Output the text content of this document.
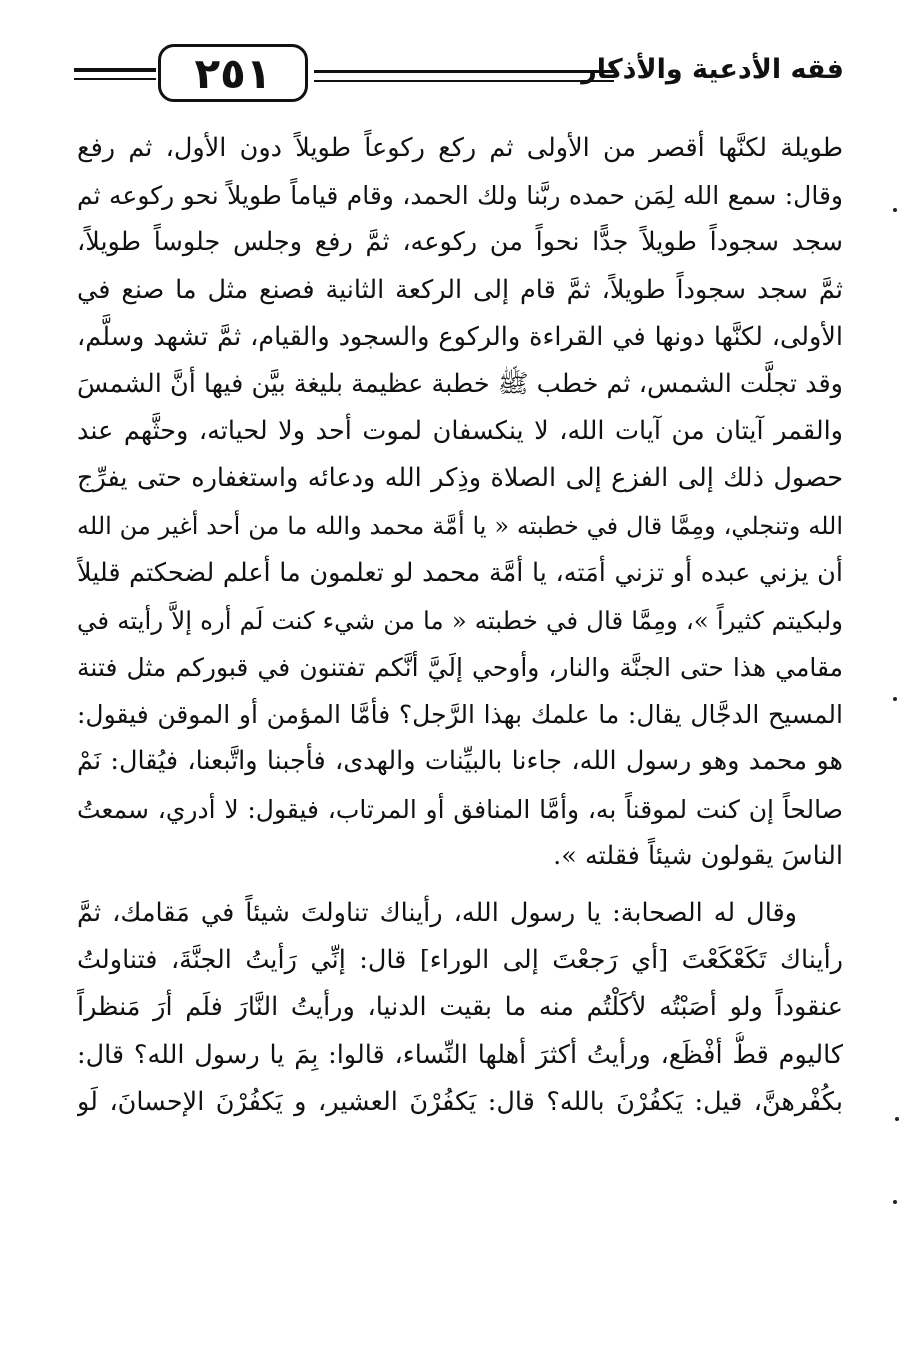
٢٥١	فقه الأدعية والأذكار
طويلة لكنَّها أقصر من الأولى ثم ركع ركوعاً طويلاً دون الأول، ثم رفع
وقال: سمع الله لِمَن حمده ربَّنا ولك الحمد، وقام قياماً طويلاً نحو ركوعه ثم
سجد سجوداً طويلاً جدًّا نحواً من ركوعه، ثمَّ رفع وجلس جلوساً طويلاً،
ثمَّ سجد سجوداً طويلاً، ثمَّ قام إلى الركعة الثانية فصنع مثل ما صنع في
الأولى، لكنَّها دونها في القراءة والركوع والسجود والقيام، ثمَّ تشهد وسلَّم،
وقد تجلَّت الشمس، ثم خطب ﷺ خطبة عظيمة بليغة بيَّن فيها أنَّ الشمسَ
والقمر آيتان من آيات الله، لا ينكسفان لموت أحد ولا لحياته، وحثَّهم عند
حصول ذلك إلى الفزع إلى الصلاة وذِكر الله ودعائه واستغفاره حتى يفرِّج
الله وتنجلي، ومِمَّا قال في خطبته « يا أمَّة محمد والله ما من أحد أغير من الله
أن يزني عبده أو تزني أمَته، يا أمَّة محمد لو تعلمون ما أعلم لضحكتم قليلاً
ولبكيتم كثيراً »، ومِمَّا قال في خطبته « ما من شيء كنت لَم أره إلاَّ رأيته في
مقامي هذا حتى الجنَّة والنار، وأوحي إلَيَّ أنَّكم تفتنون في قبوركم مثل فتنة
المسيح الدجَّال يقال: ما علمك بهذا الرَّجل؟ فأمَّا المؤمن أو الموقن فيقول:
هو محمد وهو رسول الله، جاءنا بالبيِّنات والهدى، فأجبنا واتَّبعنا، فيُقال: نَمْ
صالحاً إن كنت لموقناً به، وأمَّا المنافق أو المرتاب، فيقول: لا أدري، سمعتُ
الناسَ يقولون شيئاً فقلته ».
وقال له الصحابة: يا رسول الله، رأيناك تناولتَ شيئاً في مَقامك، ثمَّ
رأيناك تَكَعْكَعْتَ [أي رَجعْتَ إلى الوراء] قال: إنِّي رَأيتُ الجنَّةَ، فتناولتُ
عنقوداً ولو أصَبْتُه لأكَلْتُم منه ما بقيت الدنيا، ورأيتُ النَّارَ فلَم أرَ مَنظراً
كاليوم قطُّ أفْظَع، ورأيتُ أكثرَ أهلها النِّساء، قالوا: بِمَ يا رسول الله؟ قال:
بكُفْرهنَّ، قيل: يَكفُرْنَ بالله؟ قال: يَكفُرْنَ العشير، و يَكفُرْنَ الإحسانَ، لَو
